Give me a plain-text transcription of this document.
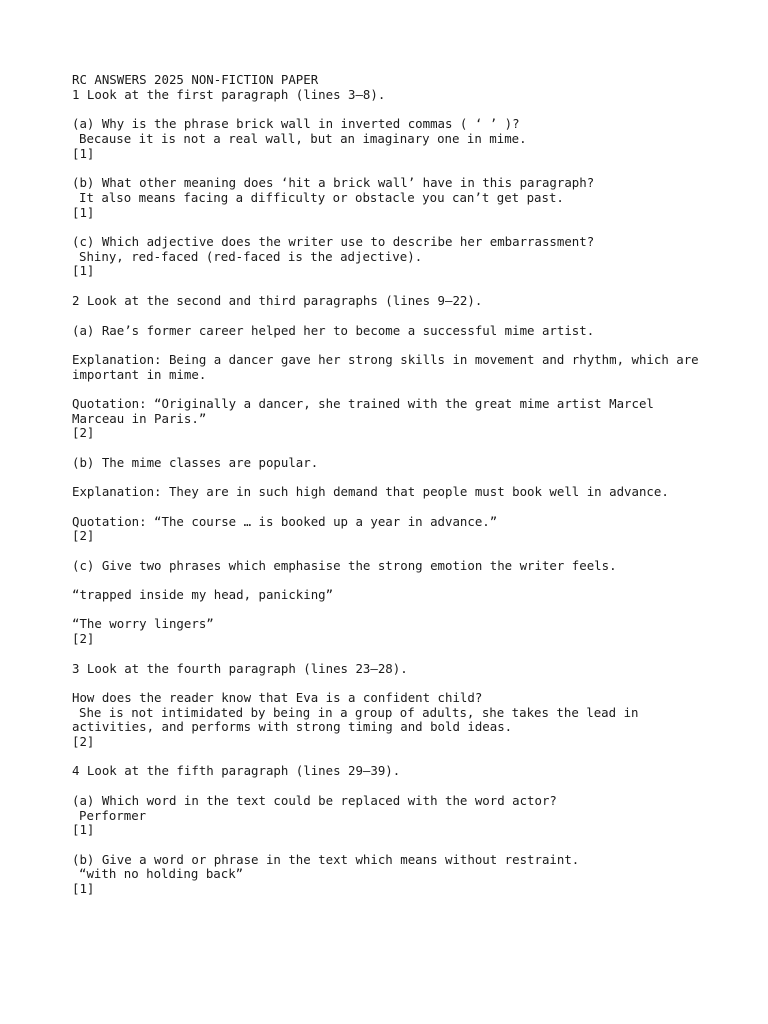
RC ANSWERS 2025 NON-FICTION PAPER
1 Look at the first paragraph (lines 3–8).
(a) Why is the phrase brick wall in inverted commas ( ‘ ’ )?
Because it is not a real wall, but an imaginary one in mime.
[1]
(b) What other meaning does ‘hit a brick wall’ have in this paragraph?
It also means facing a difficulty or obstacle you can’t get past.
[1]
(c) Which adjective does the writer use to describe her embarrassment?
Shiny, red-faced (red-faced is the adjective).
[1]
2 Look at the second and third paragraphs (lines 9–22).
(a) Rae’s former career helped her to become a successful mime artist.
Explanation: Being a dancer gave her strong skills in movement and rhythm, which are important in mime.
Quotation: “Originally a dancer, she trained with the great mime artist Marcel Marceau in Paris.”
[2]
(b) The mime classes are popular.
Explanation: They are in such high demand that people must book well in advance.
Quotation: “The course … is booked up a year in advance.”
[2]
(c) Give two phrases which emphasise the strong emotion the writer feels.
“trapped inside my head, panicking”
“The worry lingers”
[2]
3 Look at the fourth paragraph (lines 23–28).
How does the reader know that Eva is a confident child?
She is not intimidated by being in a group of adults, she takes the lead in activities, and performs with strong timing and bold ideas.
[2]
4 Look at the fifth paragraph (lines 29–39).
(a) Which word in the text could be replaced with the word actor?
Performer
[1]
(b) Give a word or phrase in the text which means without restraint.
“with no holding back”
[1]
